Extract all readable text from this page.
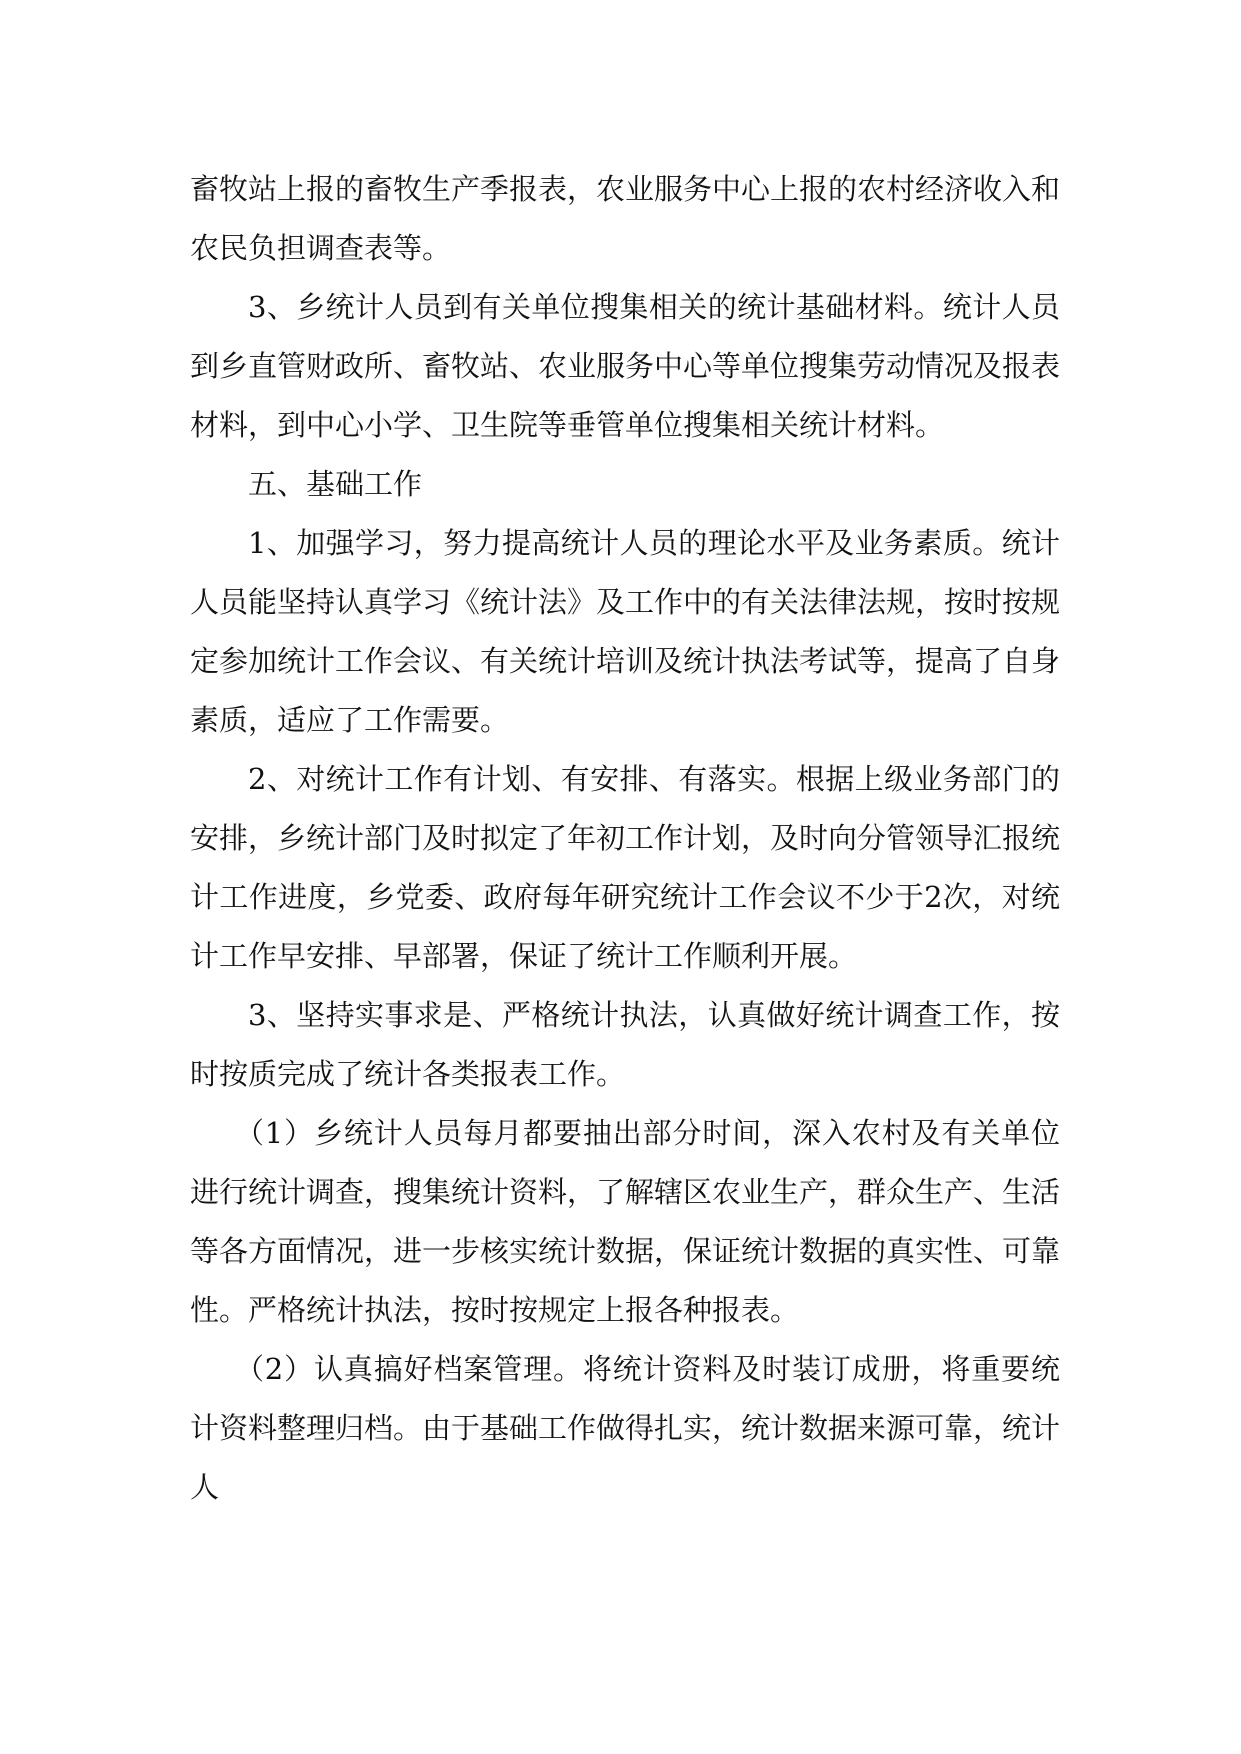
畜牧站上报的畜牧生产季报表，农业服务中心上报的农村经济收入和农民负担调查表等。

3、乡统计人员到有关单位搜集相关的统计基础材料。统计人员到乡直管财政所、畜牧站、农业服务中心等单位搜集劳动情况及报表材料，到中心小学、卫生院等垂管单位搜集相关统计材料。

五、基础工作

1、加强学习，努力提高统计人员的理论水平及业务素质。统计人员能坚持认真学习《统计法》及工作中的有关法律法规，按时按规定参加统计工作会议、有关统计培训及统计执法考试等，提高了自身素质，适应了工作需要。

2、对统计工作有计划、有安排、有落实。根据上级业务部门的安排，乡统计部门及时拟定了年初工作计划，及时向分管领导汇报统计工作进度，乡党委、政府每年研究统计工作会议不少于2次，对统计工作早安排、早部署，保证了统计工作顺利开展。

3、坚持实事求是、严格统计执法，认真做好统计调查工作，按时按质完成了统计各类报表工作。

（1）乡统计人员每月都要抽出部分时间，深入农村及有关单位进行统计调查，搜集统计资料，了解辖区农业生产，群众生产、生活等各方面情况，进一步核实统计数据，保证统计数据的真实性、可靠性。严格统计执法，按时按规定上报各种报表。

（2）认真搞好档案管理。将统计资料及时装订成册，将重要统计资料整理归档。由于基础工作做得扎实，统计数据来源可靠，统计人
